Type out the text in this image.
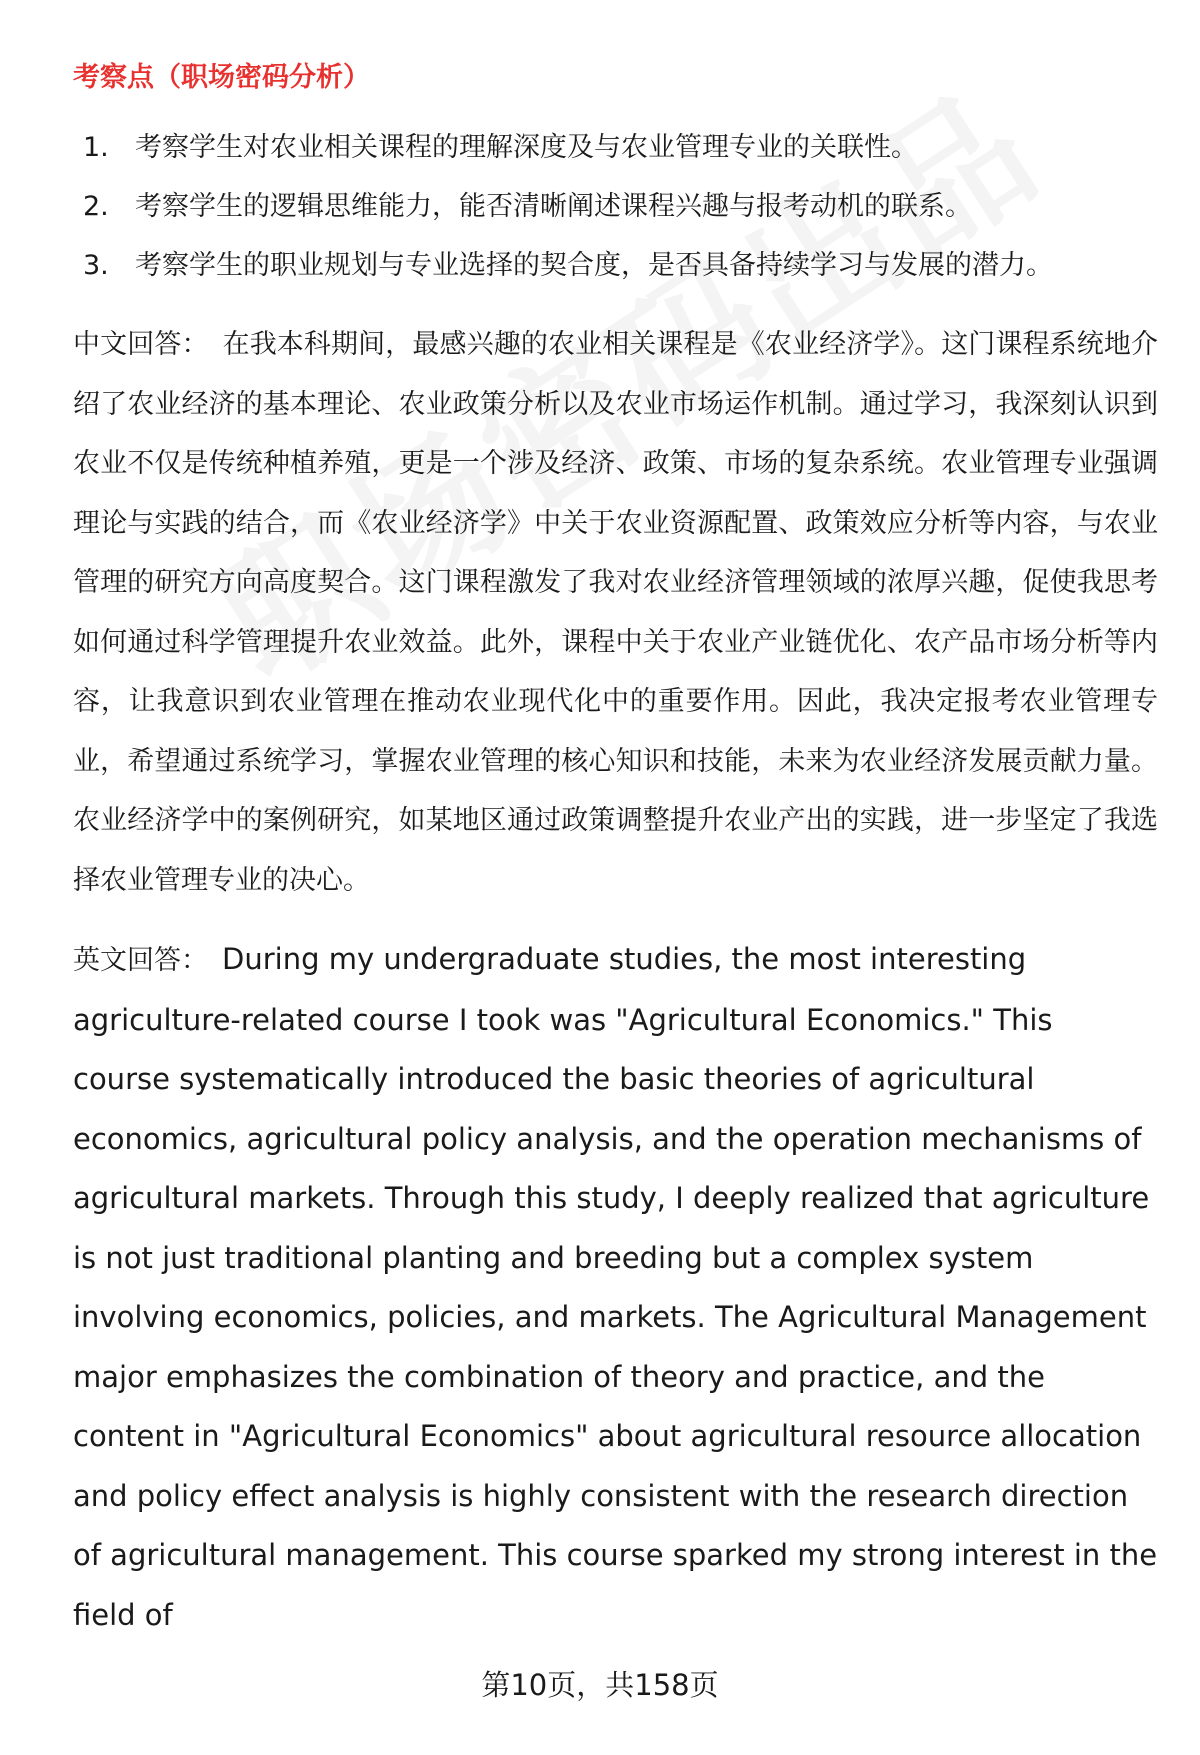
考察点（职场密码分析）
1. 考察学生对农业相关课程的理解深度及与农业管理专业的关联性。
2. 考察学生的逻辑思维能力，能否清晰阐述课程兴趣与报考动机的联系。
3. 考察学生的职业规划与专业选择的契合度，是否具备持续学习与发展的潜力。

中文回答： 在我本科期间，最感兴趣的农业相关课程是《农业经济学》。这门课程系统地介绍了农业经济的基本理论、农业政策分析以及农业市场运作机制。通过学习，我深刻认识到农业不仅是传统种植养殖，更是一个涉及经济、政策、市场的复杂系统。农业管理专业强调理论与实践的结合，而《农业经济学》中关于农业资源配置、政策效应分析等内容，与农业管理的研究方向高度契合。这门课程激发了我对农业经济管理领域的浓厚兴趣，促使我思考如何通过科学管理提升农业效益。此外，课程中关于农业产业链优化、农产品市场分析等内容，让我意识到农业管理在推动农业现代化中的重要作用。因此，我决定报考农业管理专业，希望通过系统学习，掌握农业管理的核心知识和技能，未来为农业经济发展贡献力量。农业经济学中的案例研究，如某地区通过政策调整提升农业产出的实践，进一步坚定了我选择农业管理专业的决心。

英文回答： During my undergraduate studies, the most interesting agriculture-related course I took was "Agricultural Economics." This course systematically introduced the basic theories of agricultural economics, agricultural policy analysis, and the operation mechanisms of agricultural markets. Through this study, I deeply realized that agriculture is not just traditional planting and breeding but a complex system involving economics, policies, and markets. The Agricultural Management major emphasizes the combination of theory and practice, and the content in "Agricultural Economics" about agricultural resource allocation and policy effect analysis is highly consistent with the research direction of agricultural management. This course sparked my strong interest in the field of

第10页，共158页
